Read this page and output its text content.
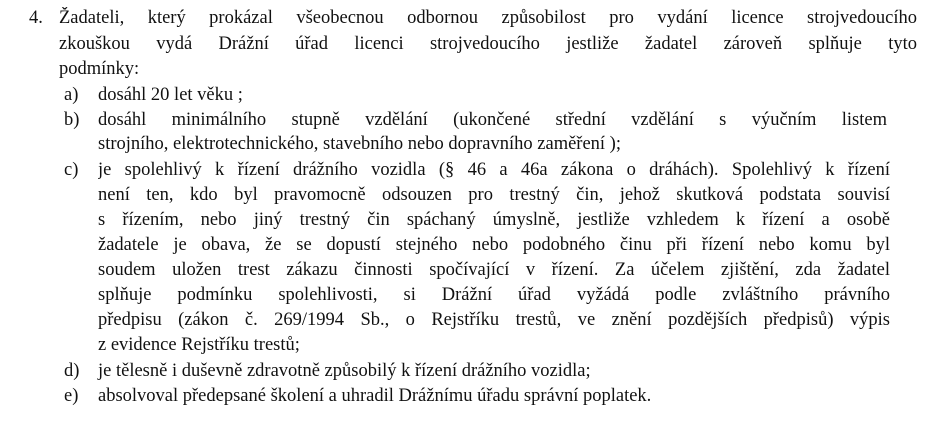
4. Žadateli, který prokázal všeobecnou odbornou způsobilost pro vydání licence strojvedoucího
zkouškou vydá Drážní úřad licenci strojvedoucího jestliže žadatel zároveň splňuje tyto
podmínky:
a) dosáhl 20 let věku ;
b) dosáhl minimálního stupně vzdělání (ukončené střední vzdělání s výučním listem
strojního, elektrotechnického, stavebního nebo dopravního zaměření );
c) je spolehlivý k řízení drážního vozidla (§ 46 a 46a zákona o dráhách). Spolehlivý k řízení
není ten, kdo byl pravomocně odsouzen pro trestný čin, jehož skutková podstata souvisí
s řízením, nebo jiný trestný čin spáchaný úmyslně, jestliže vzhledem k řízení a osobě
žadatele je obava, že se dopustí stejného nebo podobného činu při řízení nebo komu byl
soudem uložen trest zákazu činnosti spočívající v řízení. Za účelem zjištění, zda žadatel
splňuje podmínku spolehlivosti, si Drážní úřad vyžádá podle zvláštního právního
předpisu (zákon č. 269/1994 Sb., o Rejstříku trestů, ve znění pozdějších předpisů) výpis
z evidence Rejstříku trestů;
d) je tělesně i duševně zdravotně způsobilý k řízení drážního vozidla;
e) absolvoval předepsané školení a uhradil Drážnímu úřadu správní poplatek.
